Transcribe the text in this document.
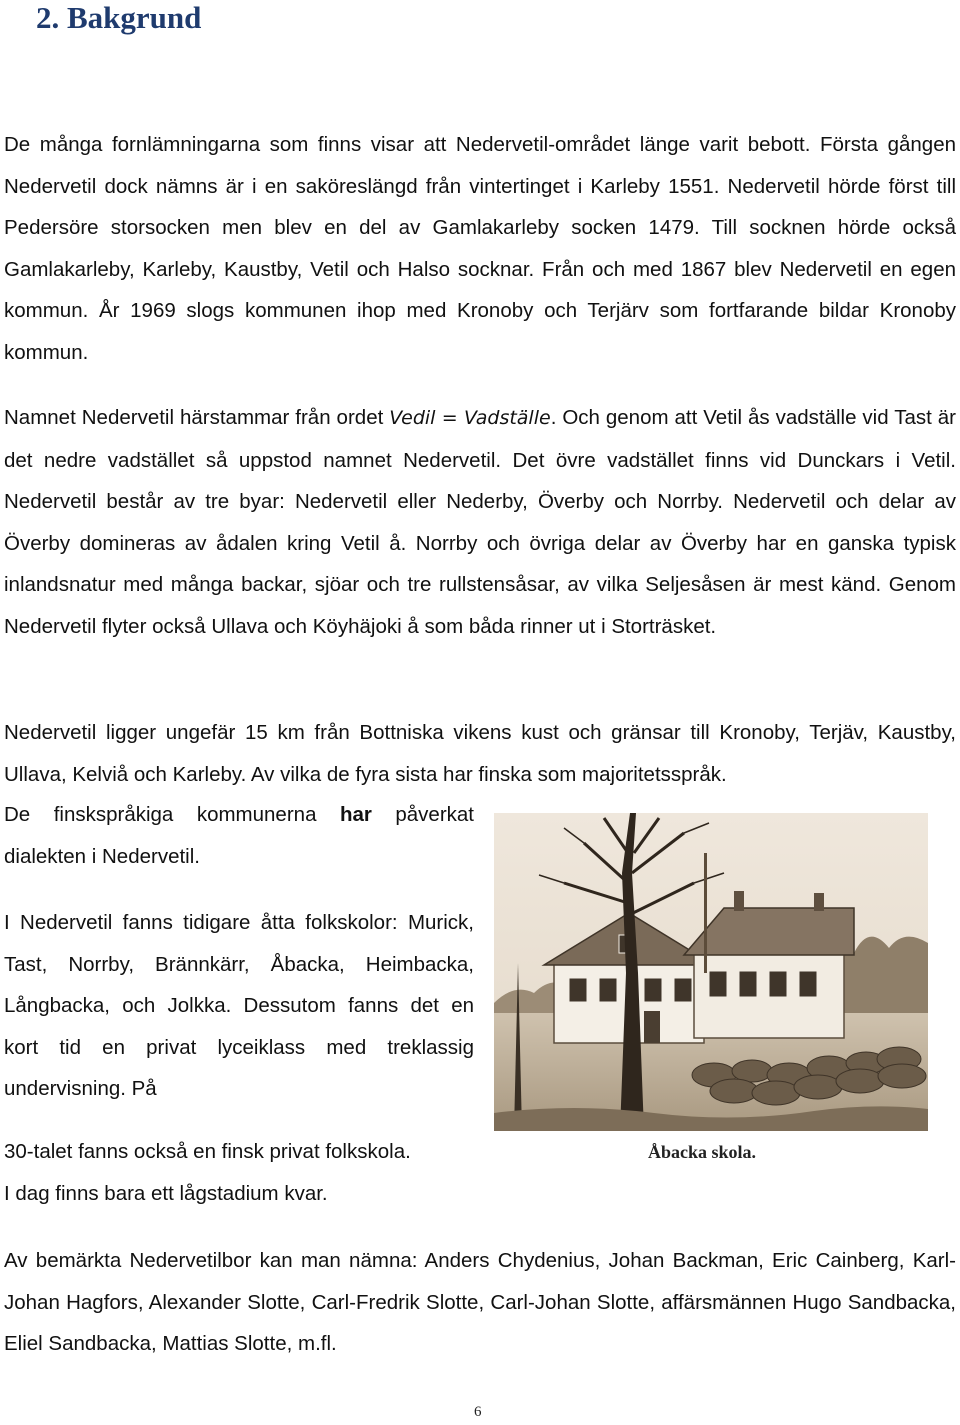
2. Bakgrund

De många fornlämningarna som finns visar att Nedervetil-området länge varit bebott. Första gången Nedervetil dock nämns är i en saköreslängd från vintertinget i Karleby 1551. Nedervetil hörde först till Pedersöre storsocken men blev en del av Gamlakarleby socken 1479. Till socknen hörde också Gamlakarleby, Karleby, Kaustby, Vetil och Halso socknar. Från och med 1867 blev Nedervetil en egen kommun. År 1969 slogs kommunen ihop med Kronoby och Terjärv som fortfarande bildar Kronoby kommun.

Namnet Nedervetil härstammar från ordet Vedil = Vadställe. Och genom att Vetil ås vadställe vid Tast är det nedre vadstället så uppstod namnet Nedervetil. Det övre vadstället finns vid Dunckars i Vetil. Nedervetil består av tre byar: Nedervetil eller Nederby, Överby och Norrby. Nedervetil och delar av Överby domineras av ådalen kring Vetil å. Norrby och övriga delar av Överby har en ganska typisk inlandsnatur med många backar, sjöar och tre rullstensåsar, av vilka Seljesåsen är mest känd. Genom Nedervetil flyter också Ullava och Köyhäjoki å som båda rinner ut i Storträsket.

Nedervetil ligger ungefär 15 km från Bottniska vikens kust och gränsar till Kronoby, Terjäv, Kaustby, Ullava, Kelviå och Karleby. Av vilka de fyra sista har finska som majoritetsspråk.

De finskspråkiga kommunerna har påverkat dialekten i Nedervetil.

I Nedervetil fanns tidigare åtta folkskolor: Murick, Tast, Norrby, Brännkärr, Åbacka, Heimbacka, Långbacka, och Jolkka. Dessutom fanns det en kort tid en privat lyceiklass med treklassig undervisning. På

30-talet fanns också en finsk privat folkskola.
I dag finns bara ett lågstadium kvar.

Åbacka skola.

Av bemärkta Nedervetilbor kan man nämna: Anders Chydenius, Johan Backman, Eric Cainberg, Karl-Johan Hagfors, Alexander Slotte, Carl-Fredrik Slotte, Carl-Johan Slotte, affärsmännen Hugo Sandbacka, Eliel Sandbacka, Mattias Slotte, m.fl.

6
